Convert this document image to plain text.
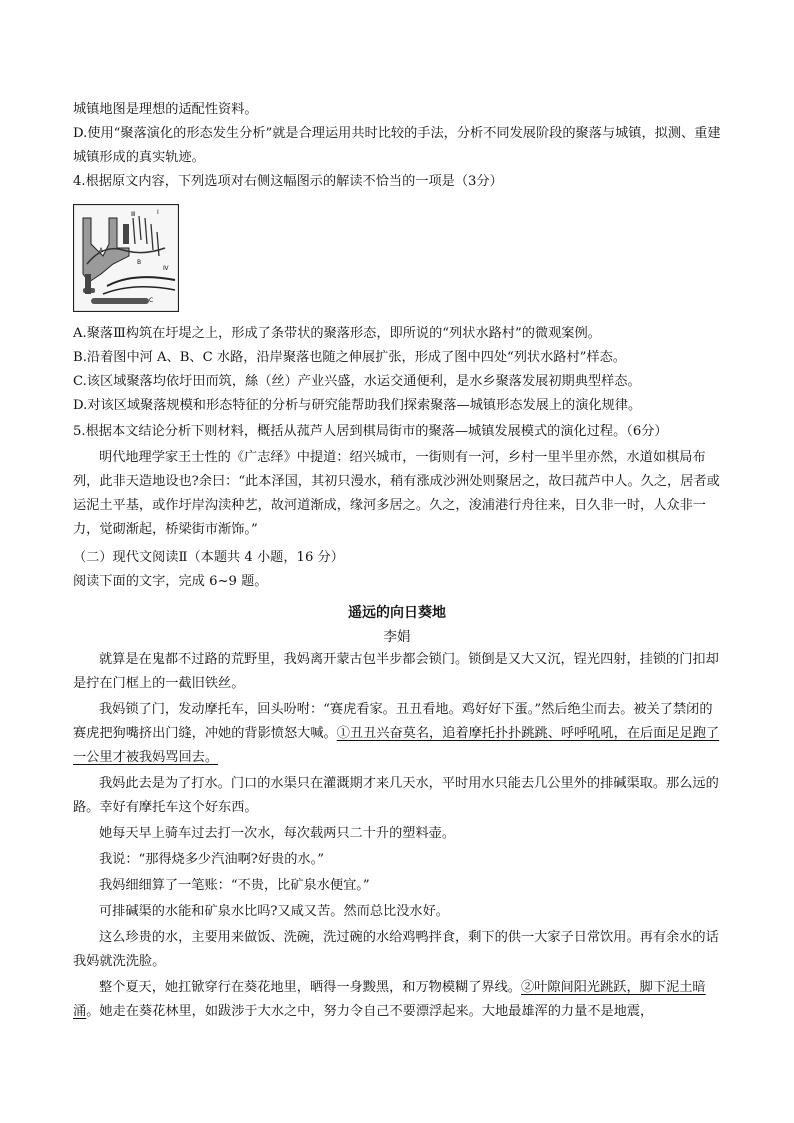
城镇地图是理想的适配性资料。

D.使用“聚落演化的形态发生分析”就是合理运用共时比较的手法，分析不同发展阶段的聚落与城镇，拟测、重建城镇形成的真实轨迹。

4.根据原文内容，下列选项对右侧这幅图示的解读不恰当的一项是（3分）

Ⅲ	Ⅰ
Ⅳ
A
B
C

A.聚落Ⅲ构筑在圩堤之上，形成了条带状的聚落形态，即所说的“列状水路村”的微观案例。

B.沿着图中河 A、B、C 水路，沿岸聚落也随之伸展扩张，形成了图中四处“列状水路村”样态。

C.该区域聚落均依圩田而筑，絲（丝）产业兴盛，水运交通便利，是水乡聚落发展初期典型样态。

D.对该区域聚落规模和形态特征的分析与研究能帮助我们探索聚落—城镇形态发展上的演化规律。

5.根据本文结论分析下则材料，概括从菰芦人居到棋局街市的聚落—城镇发展模式的演化过程。（6分）

明代地理学家王士性的《广志绎》中提道：绍兴城市，一街则有一河，乡村一里半里亦然，水道如棋局布列，此非天造地设也?余曰：“此本泽国，其初只漫水，稍有涨成沙洲处则聚居之，故曰菰芦中人。久之，居者或运泥土平基，或作圩岸沟渎种艺，故河道渐成，缘河多居之。久之，浚浦港行舟往来，日久非一时，人众非一力，觉砌渐起，桥梁街市渐饰。”

（二）现代文阅读Ⅱ（本题共 4 小题，16 分）

阅读下面的文字，完成 6~9 题。

遥远的向日葵地
李娟

就算是在鬼都不过路的荒野里，我妈离开蒙古包半步都会锁门。锁倒是又大又沉，锃光四射，挂锁的门扣却是拧在门框上的一截旧铁丝。

我妈锁了门，发动摩托车，回头吩咐：“赛虎看家。丑丑看地。鸡好好下蛋。”然后绝尘而去。被关了禁闭的赛虎把狗嘴挤出门缝，冲她的背影愤怒大喊。①丑丑兴奋莫名，追着摩托扑扑跳跳、呼呼吼吼，在后面足足跑了一公里才被我妈骂回去。

我妈此去是为了打水。门口的水渠只在灌溉期才来几天水，平时用水只能去几公里外的排碱渠取。那么远的路。幸好有摩托车这个好东西。

她每天早上骑车过去打一次水，每次载两只二十升的塑料壶。

我说：“那得烧多少汽油啊?好贵的水。”

我妈细细算了一笔账：“不贵，比矿泉水便宜。”

可排碱渠的水能和矿泉水比吗?又咸又苦。然而总比没水好。

这么珍贵的水，主要用来做饭、洗碗，洗过碗的水给鸡鸭拌食，剩下的供一大家子日常饮用。再有余水的话我妈就洗洗脸。

整个夏天，她扛锨穿行在葵花地里，晒得一身黢黑，和万物模糊了界线。②叶隙间阳光跳跃，脚下泥土暗涌。她走在葵花林里，如跋涉于大水之中，努力令自己不要漂浮起来。大地最雄浑的力量不是地震，
